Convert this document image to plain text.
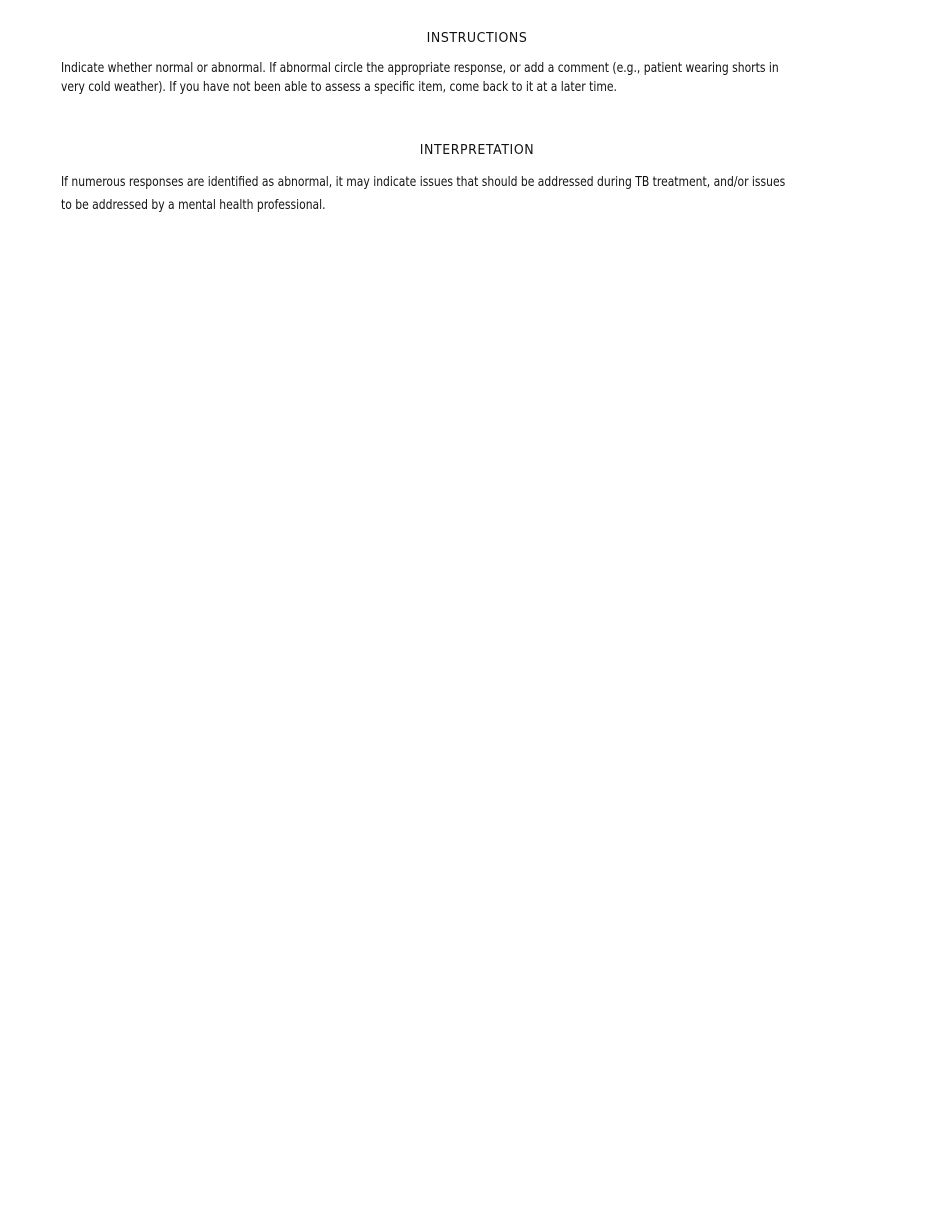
INSTRUCTIONS

Indicate whether normal or abnormal. If abnormal circle the appropriate response, or add a comment (e.g., patient wearing shorts in
very cold weather). If you have not been able to assess a specific item, come back to it at a later time.

INTERPRETATION

If numerous responses are identified as abnormal, it may indicate issues that should be addressed during TB treatment, and/or issues
to be addressed by a mental health professional.
